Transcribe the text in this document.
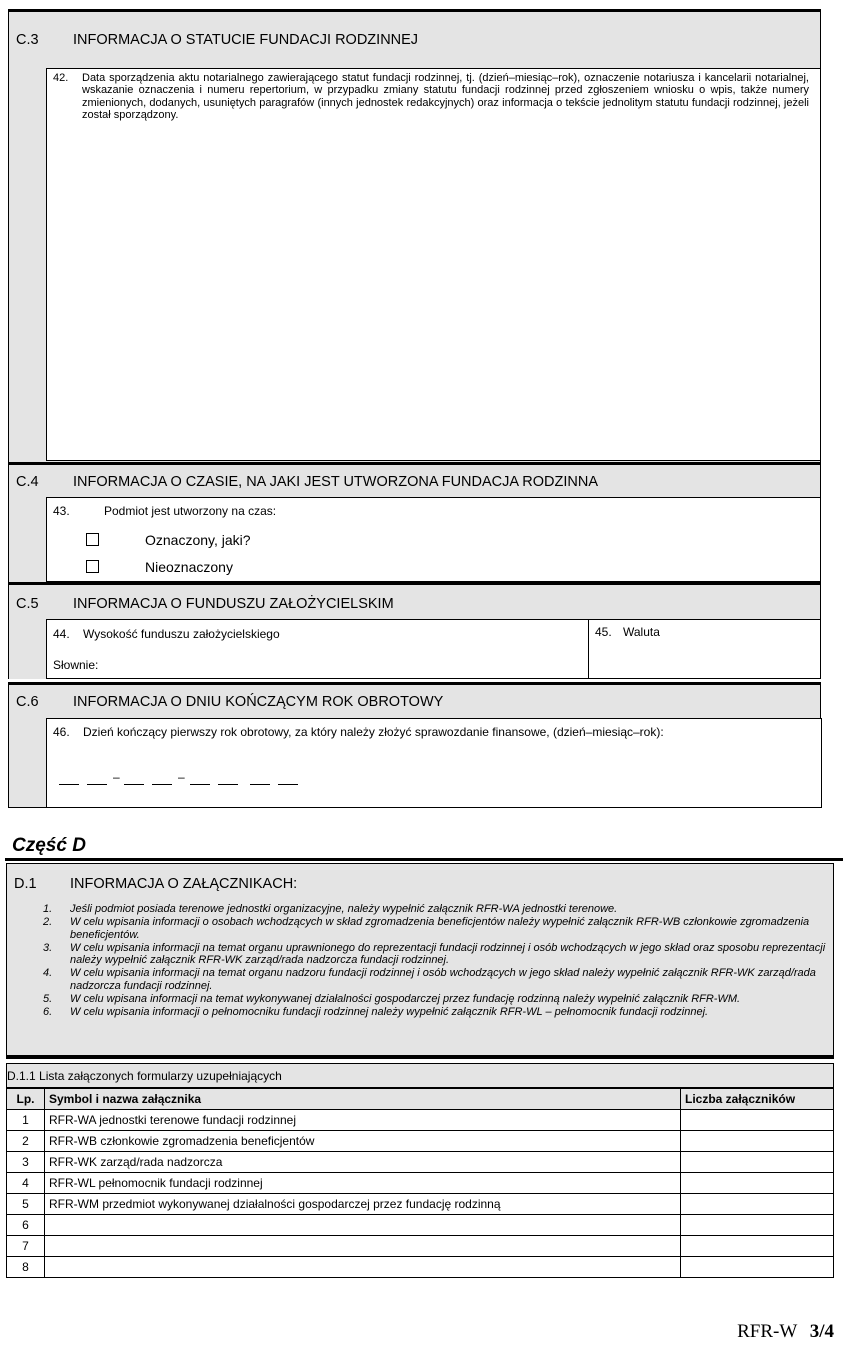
C.3 INFORMACJA O STATUCIE FUNDACJI RODZINNEJ
42. Data sporządzenia aktu notarialnego zawierającego statut fundacji rodzinnej, tj. (dzień–miesiąc–rok), oznaczenie notariusza i kancelarii notarialnej, wskazanie oznaczenia i numeru repertorium, w przypadku zmiany statutu fundacji rodzinnej przed zgłoszeniem wniosku o wpis, także numery zmienionych, dodanych, usuniętych paragrafów (innych jednostek redakcyjnych) oraz informacja o tekście jednolitym statutu fundacji rodzinnej, jeżeli został sporządzony.
C.4 INFORMACJA O CZASIE, NA JAKI JEST UTWORZONA FUNDACJA RODZINNA
43.	Podmiot jest utworzony na czas:
Oznaczony, jaki?
Nieoznaczony
C.5 INFORMACJA O FUNDUSZU ZAŁOŻYCIELSKIM
44. Wysokość funduszu założycielskiego
Słownie:
45. Waluta
C.6 INFORMACJA O DNIU KOŃCZĄCYM ROK OBROTOWY
46. Dzień kończący pierwszy rok obrotowy, za który należy złożyć sprawozdanie finansowe, (dzień–miesiąc–rok):
–	–
Część D
D.1 INFORMACJA O ZAŁĄCZNIKACH:
1.	Jeśli podmiot posiada terenowe jednostki organizacyjne, należy wypełnić załącznik RFR-WA jednostki terenowe.
2.	W celu wpisania informacji o osobach wchodzących w skład zgromadzenia beneficjentów należy wypełnić załącznik RFR-WB członkowie zgromadzenia beneficjentów.
3.	W celu wpisania informacji na temat organu uprawnionego do reprezentacji fundacji rodzinnej i osób wchodzących w jego skład oraz sposobu reprezentacji należy wypełnić załącznik RFR-WK zarząd/rada nadzorcza fundacji rodzinnej.
4.	W celu wpisania informacji na temat organu nadzoru fundacji rodzinnej i osób wchodzących w jego skład należy wypełnić załącznik RFR-WK zarząd/rada nadzorcza fundacji rodzinnej.
5.	W celu wpisana informacji na temat wykonywanej działalności gospodarczej przez fundację rodzinną należy wypełnić załącznik RFR-WM.
6.	W celu wpisania informacji o pełnomocniku fundacji rodzinnej należy wypełnić załącznik RFR-WL – pełnomocnik fundacji rodzinnej.
D.1.1 Lista załączonych formularzy uzupełniających
Lp.	Symbol i nazwa załącznika	Liczba załączników
1	RFR-WA jednostki terenowe fundacji rodzinnej	
2	RFR-WB członkowie zgromadzenia beneficjentów	
3	RFR-WK zarząd/rada nadzorcza	
4	RFR-WL pełnomocnik fundacji rodzinnej	
5	RFR-WM przedmiot wykonywanej działalności gospodarczej przez fundację rodzinną	
6		
7		
8		
RFR-W 3/4
